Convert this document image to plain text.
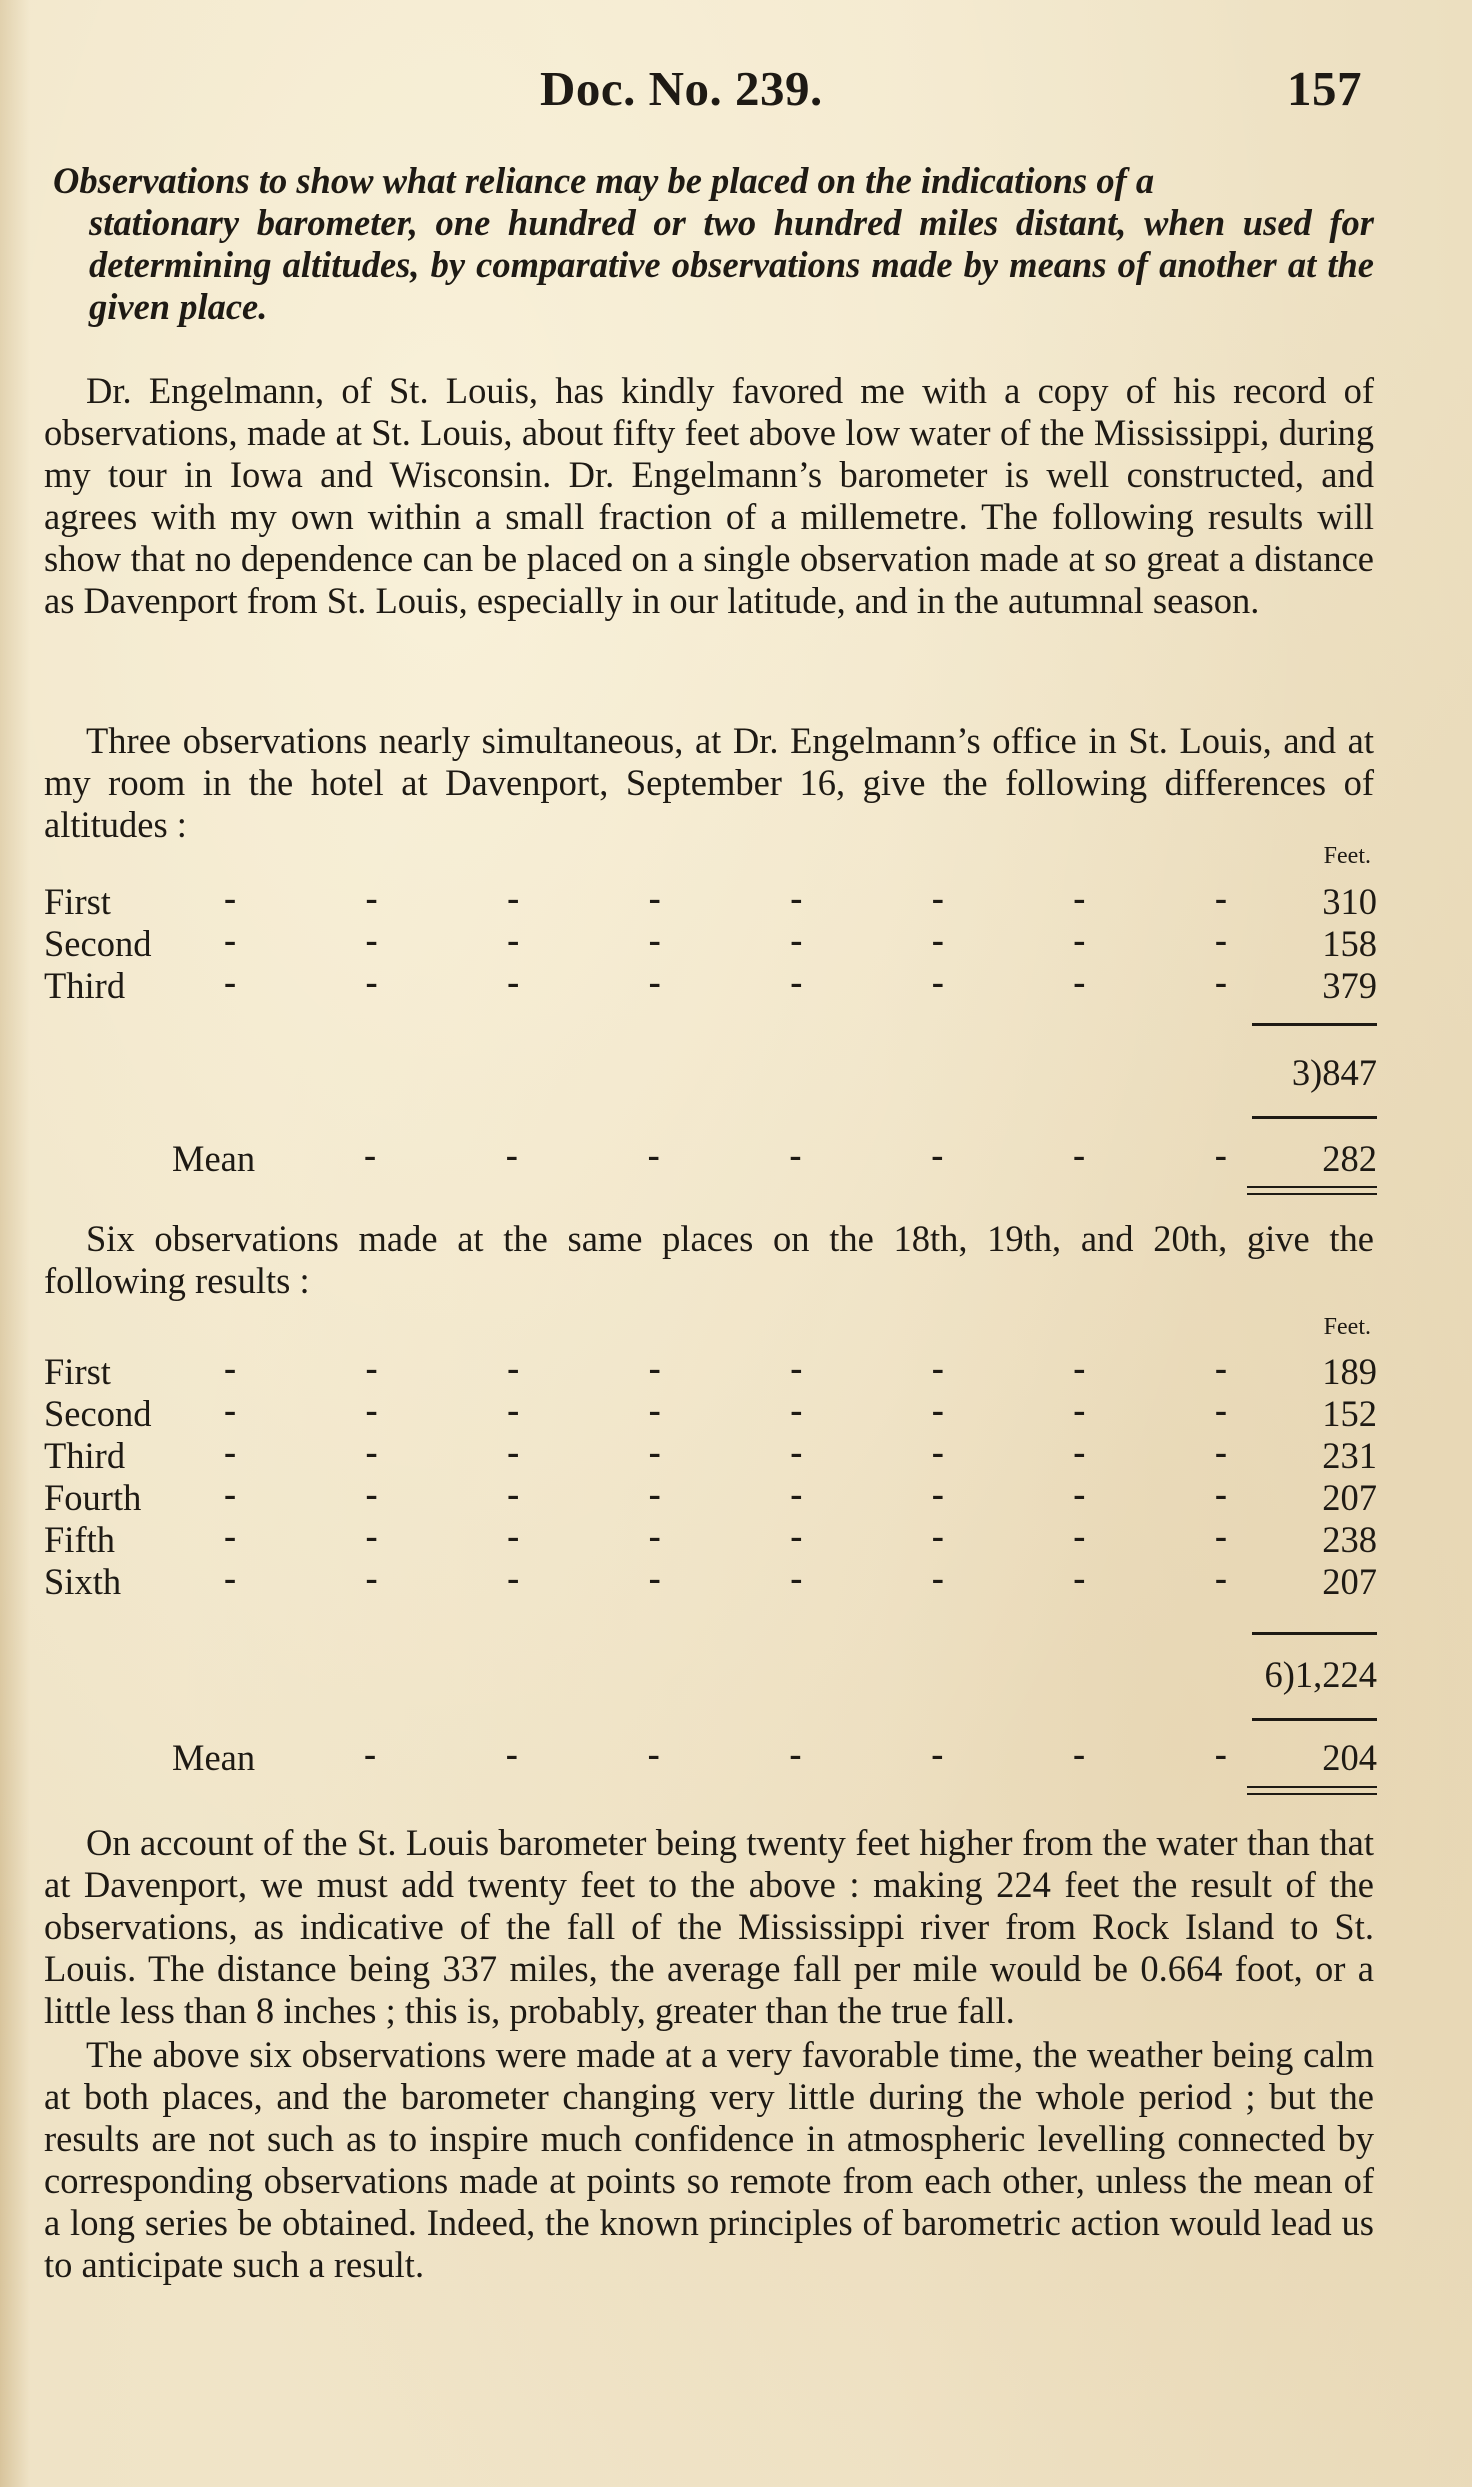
Doc. No. 239.	157
Observations to show what reliance may be placed on the indications of a
stationary barometer, one hundred or two hundred miles distant, when used for determining altitudes, by comparative observations made by means of another at the given place.
Dr. Engelmann, of St. Louis, has kindly favored me with a copy of his record of observations, made at St. Louis, about fifty feet above low water of the Mississippi, during my tour in Iowa and Wisconsin. Dr. Engelmann’s barometer is well constructed, and agrees with my own within a small fraction of a millemetre. The following results will show that no dependence can be placed on a single observation made at so great a distance as Davenport from St. Louis, especially in our latitude, and in the autumnal season.
Three observations nearly simultaneous, at Dr. Engelmann’s office in St. Louis, and at my room in the hotel at Davenport, September 16, give the following differences of altitudes :
Feet.
First	-	-	-	-	-	-	-	-	310
Second -	-	-	-	-	-	-	-	158
Third	-	-	-	-	-	-	-	-	379
3)847
Mean	-	-	-	-	-	-	-	282
Six observations made at the same places on the 18th, 19th, and 20th, give the following results :
Feet.
First	-	-	-	-	-	-	-	-	189
Second -	-	-	-	-	-	-	-	152
Third	-	-	-	-	-	-	-	-	231
Fourth -	-	-	-	-	-	-	-	207
Fifth	-	-	-	-	-	-	-	-	238
Sixth	-	-	-	-	-	-	-	-	207
6)1,224
Mean	-	-	-	-	-	-	-	204
On account of the St. Louis barometer being twenty feet higher from the water than that at Davenport, we must add twenty feet to the above : making 224 feet the result of the observations, as indicative of the fall of the Mississippi river from Rock Island to St. Louis. The distance being 337 miles, the average fall per mile would be 0.664 foot, or a little less than 8 inches ; this is, probably, greater than the true fall.
The above six observations were made at a very favorable time, the weather being calm at both places, and the barometer changing very little during the whole period ; but the results are not such as to inspire much confidence in atmospheric levelling connected by corresponding observations made at points so remote from each other, unless the mean of a long series be obtained. Indeed, the known principles of barometric action would lead us to anticipate such a result.
